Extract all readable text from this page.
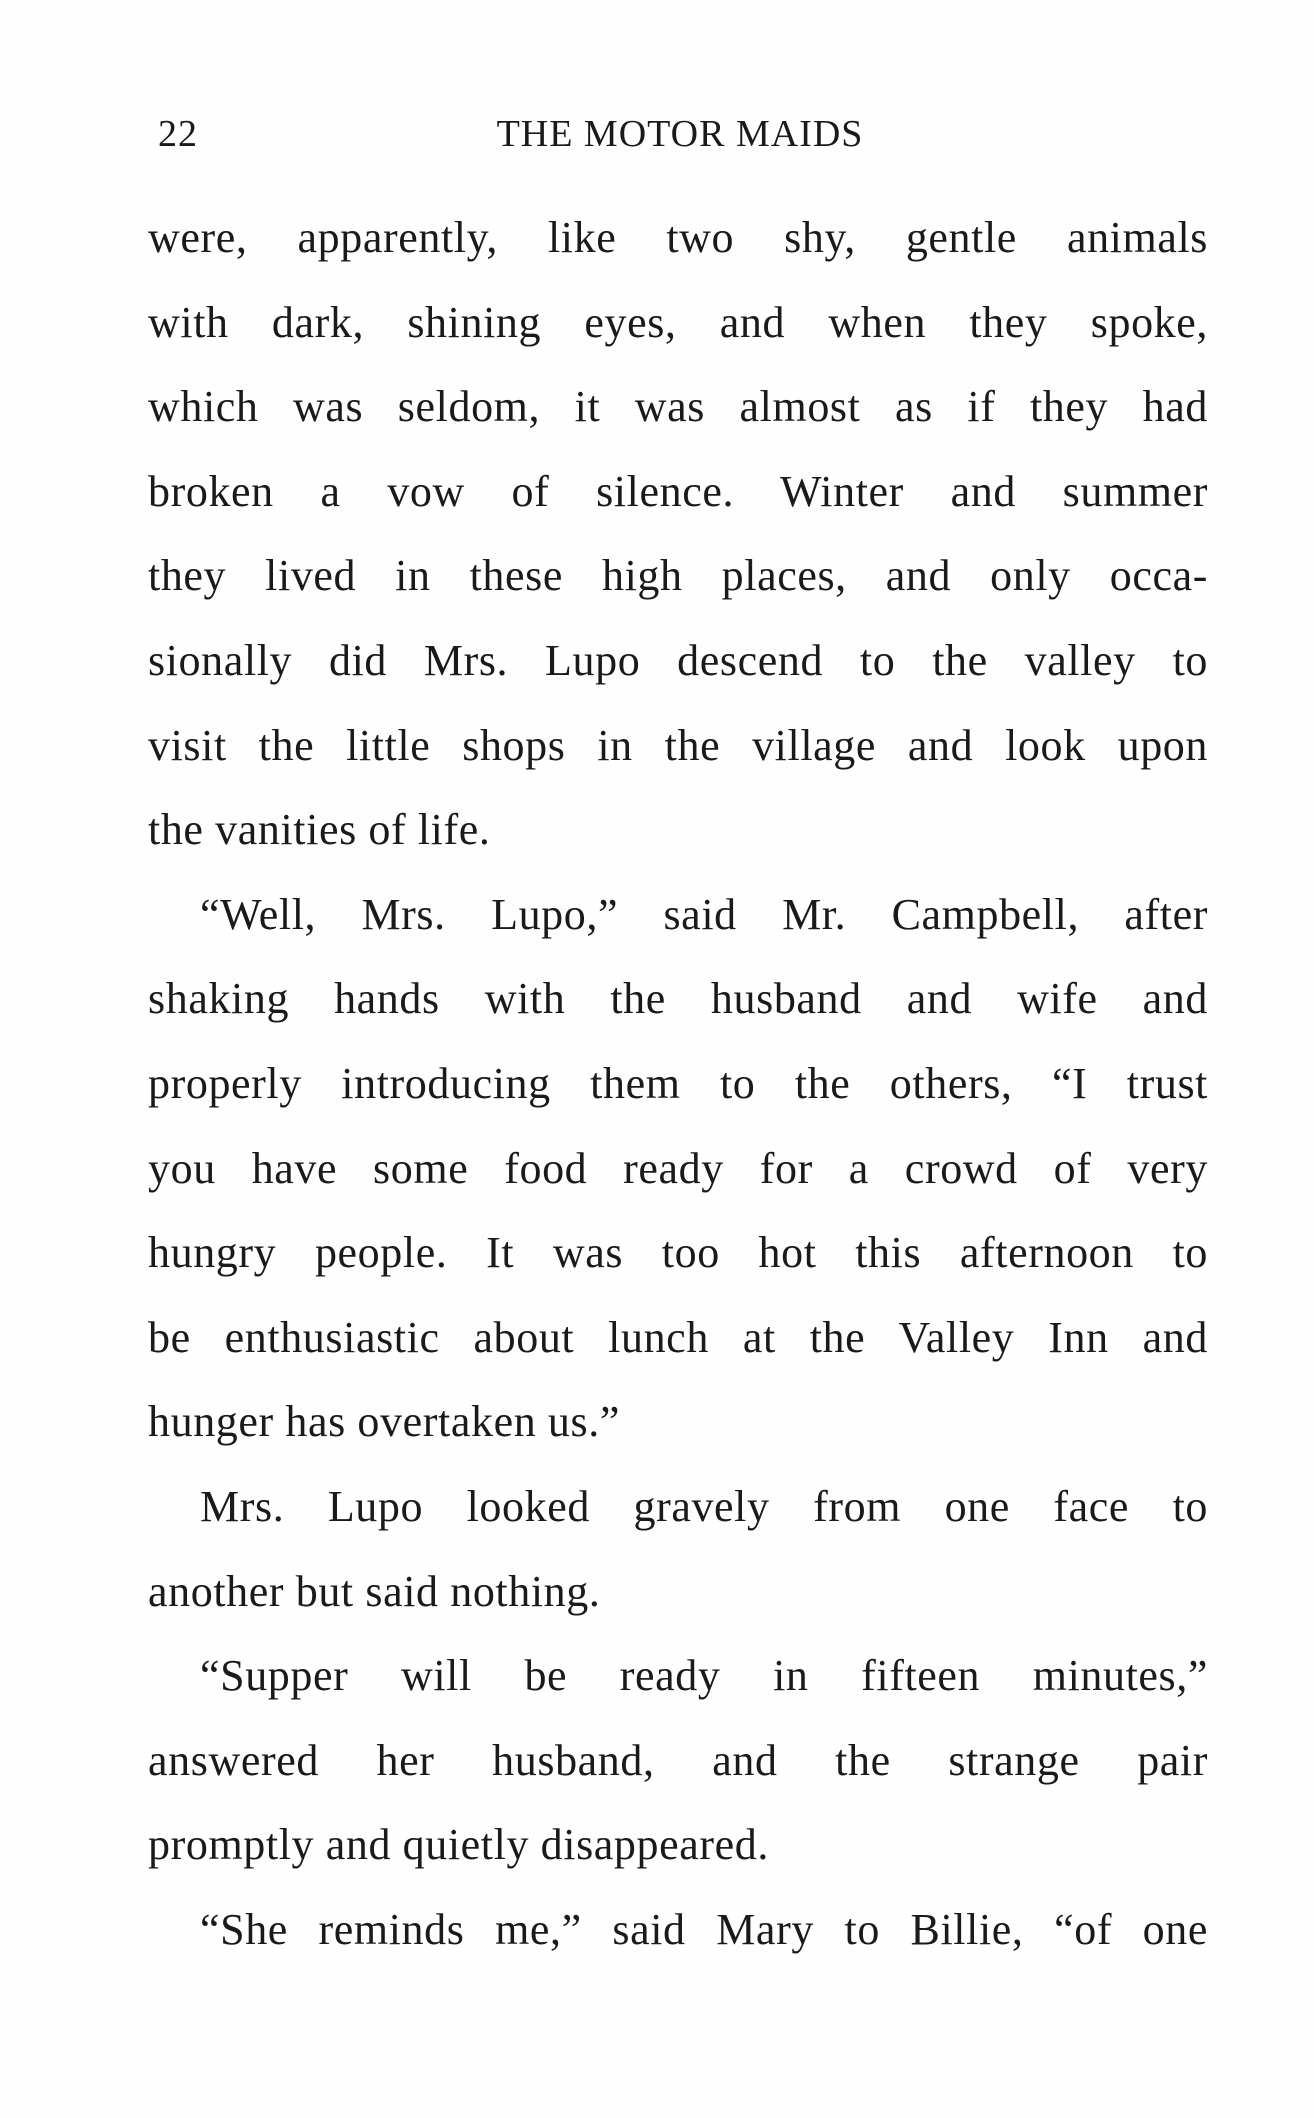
22	THE MOTOR MAIDS
were, apparently, like two shy, gentle animals
with dark, shining eyes, and when they spoke,
which was seldom, it was almost as if they had
broken a vow of silence. Winter and summer
they lived in these high places, and only occa-
sionally did Mrs. Lupo descend to the valley to
visit the little shops in the village and look upon
the vanities of life.
“Well, Mrs. Lupo,” said Mr. Campbell, after
shaking hands with the husband and wife and
properly introducing them to the others, “I trust
you have some food ready for a crowd of very
hungry people. It was too hot this afternoon to
be enthusiastic about lunch at the Valley Inn and
hunger has overtaken us.”
Mrs. Lupo looked gravely from one face to
another but said nothing.
“Supper will be ready in fifteen minutes,”
answered her husband, and the strange pair
promptly and quietly disappeared.
“She reminds me,” said Mary to Billie, “of one
